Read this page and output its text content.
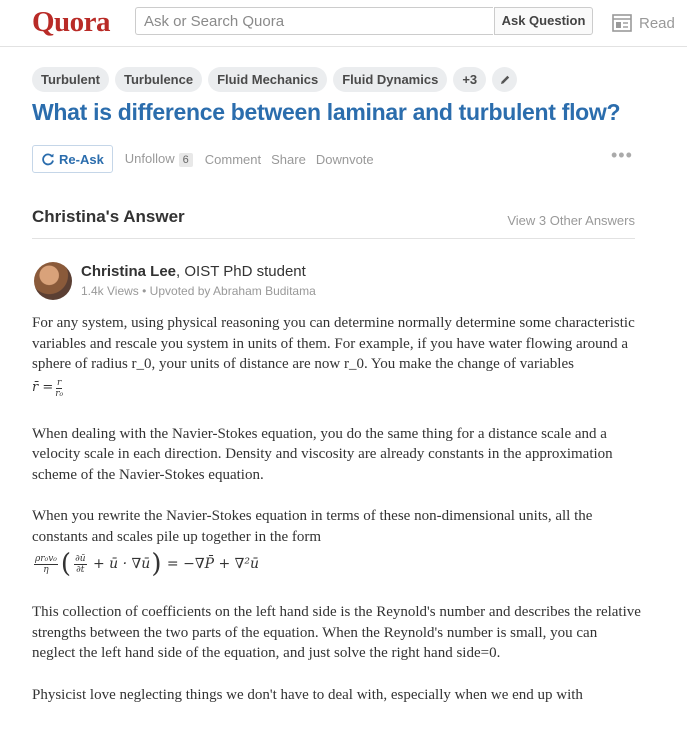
Quora
Ask or Search Quora	Ask Question	Read
Turbulent	Turbulence	Fluid Mechanics	Fluid Dynamics	+3
What is difference between laminar and turbulent flow?
Re-Ask Unfollow 6	Comment Share Downvote	•••
Christina's Answer	View 3 Other Answers
Christina Lee, OIST PhD student
1.4k Views • Upvoted by Abraham Buditama

For any system, using physical reasoning you can determine normally determine some characteristic variables and rescale you system in units of them. For example, if you have water flowing around a sphere of radius r_0, your units of distance are now r_0. You make the change of variables

r̄ = $\frac{r}{\text{r₀}}$

When dealing with the Navier-Stokes equation, you do the same thing for a distance scale and a velocity scale in each direction. Density and viscosity are already constants in the approximation scheme of the Navier-Stokes equation.

When you rewrite the Navier-Stokes equation in terms of these non-dimensional units, all the constants and scales pile up together in the form

$\frac{\text{ρr₀v₀}}{\eta}$ ( $\frac{\partial ū}{\partial t}$ + ū · ∇ū ) = −∇P̄ + ∇²ū

This collection of coefficients on the left hand side is the Reynold's number and describes the relative strengths between the two parts of the equation. When the Reynold's number is small, you can neglect the left hand side of the equation, and just solve the right hand side=0.

Physicist love neglecting things we don't have to deal with, especially when we end up with
